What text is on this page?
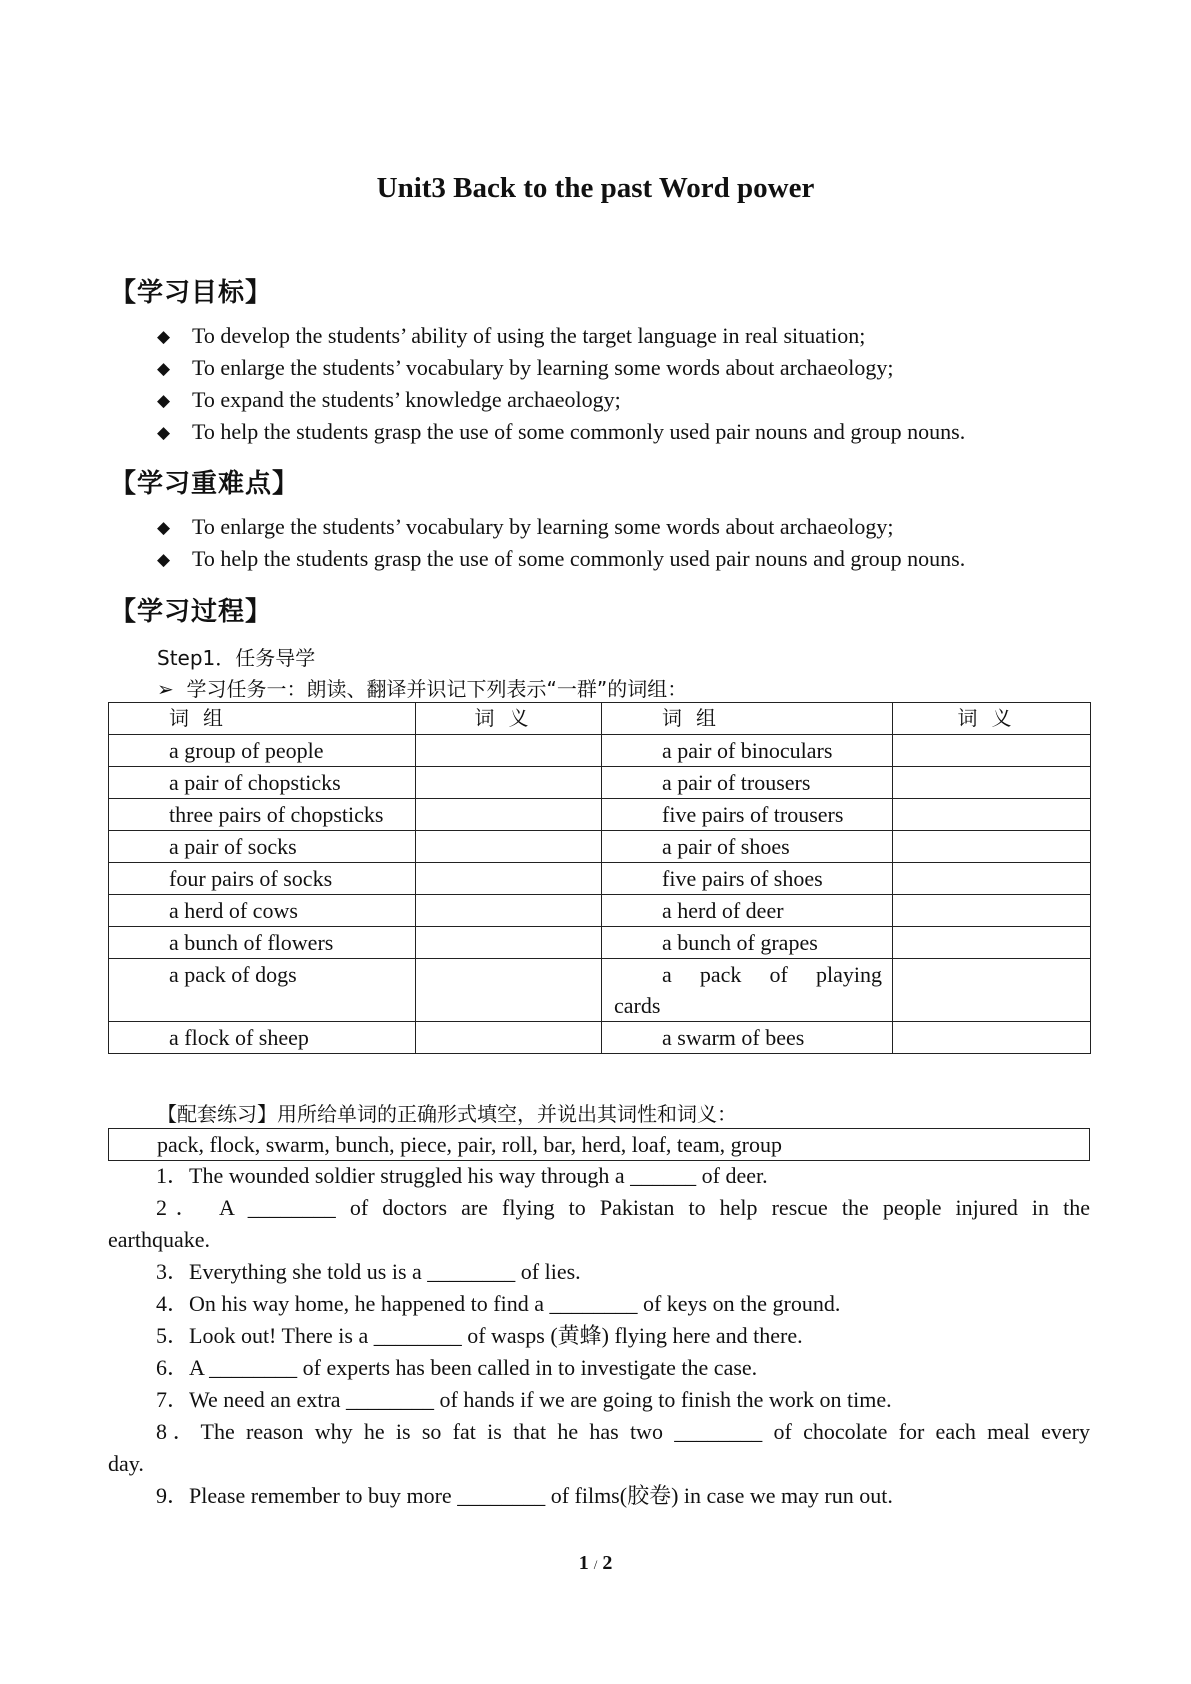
Unit3 Back to the past Word power
【学习目标】
◆ To develop the students’ ability of using the target language in real situation;
◆ To enlarge the students’ vocabulary by learning some words about archaeology;
◆ To expand the students’ knowledge archaeology;
◆ To help the students grasp the use of some commonly used pair nouns and group nouns.
【学习重难点】
◆ To enlarge the students’ vocabulary by learning some words about archaeology;
◆ To help the students grasp the use of some commonly used pair nouns and group nouns.
【学习过程】
Step1．任务导学
➢ 学习任务一：朗读、翻译并识记下列表示“一群”的词组：
词组	词义	词组	词义
a group of people		a pair of binoculars	
a pair of chopsticks		a pair of trousers	
three pairs of chopsticks		five pairs of trousers	
a pair of socks		a pair of shoes	
four pairs of socks		five pairs of shoes	
a herd of cows		a herd of deer	
a bunch of flowers		a bunch of grapes	
a pack of dogs		a pack of playing
cards	
a flock of sheep		a swarm of bees	
【配套练习】用所给单词的正确形式填空，并说出其词性和词义：
pack, flock, swarm, bunch, piece, pair, roll, bar, herd, loaf, team, group
1．The wounded soldier struggled his way through a ______ of deer.
2． A ________ of doctors are flying to Pakistan to help rescue the people injured in the
earthquake.
3．Everything she told us is a ________ of lies.
4．On his way home, he happened to find a ________ of keys on the ground.
5．Look out! There is a ________ of wasps (黄蜂) flying here and there.
6．A ________ of experts has been called in to investigate the case.
7．We need an extra ________ of hands if we are going to finish the work on time.
8．The reason why he is so fat is that he has two ________ of chocolate for each meal every
day.
9．Please remember to buy more ________ of films(胶卷) in case we may run out.
1 / 2
